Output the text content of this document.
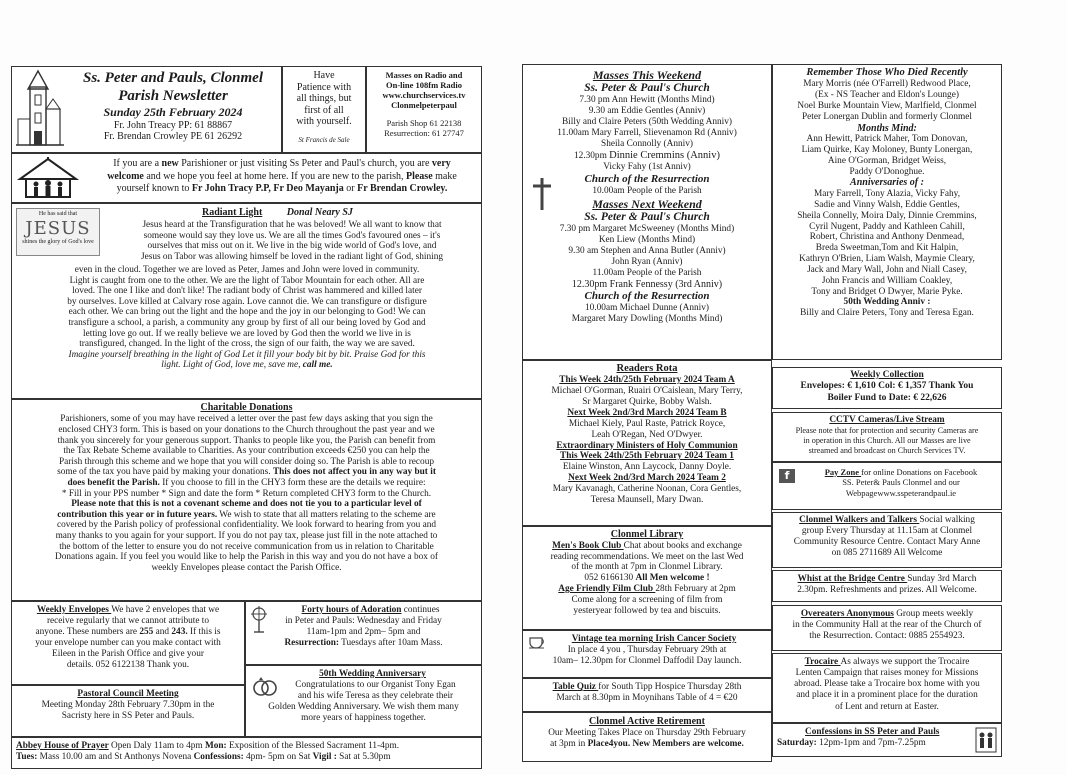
Ss. Peter and Pauls, Clonmel
Parish Newsletter
Sunday 25th February 2024
Fr. John Treacy PP: 61 88867
Fr. Brendan Crowley PE 61 26292
Have
Patience with
all things, but
first of all
with yourself.
St Francis de Sale
Masses on Radio and
On-line 108fm Radio
www.churchservices.tv
Clonmelpeterpaul
Parish Shop 61 22138
Resurrection: 61 27747
If you are a new Parishioner or just visiting Ss Peter and Paul's church, you are very
welcome and we hope you feel at home here. If you are new to the parish, Please make
yourself known to Fr John Tracy P.P, Fr Deo Mayanja or Fr Brendan Crowley.
He has said that
JESUS
shines the glory of God's love
Radiant Light Donal Neary SJ
Jesus heard at the Transfiguration that he was beloved! We all want to know that
someone would say they love us. We are all the times God's favoured ones – it's
ourselves that miss out on it. We live in the big wide world of God's love, and
Jesus on Tabor was allowing himself be loved in the radiant light of God, shining
even in the cloud. Together we are loved as Peter, James and John were loved in community.
Light is caught from one to the other. We are the light of Tabor Mountain for each other. All are
loved. The one I like and don't like! The radiant body of Christ was hammered and killed later
by ourselves. Love killed at Calvary rose again. Love cannot die. We can transfigure or disfigure
each other. We can bring out the light and the hope and the joy in our belonging to God! We can
transfigure a school, a parish, a community any group by first of all our being loved by God and
letting love go out. If we really believe we are loved by God then the world we live in is
transfigured, changed. In the light of the cross, the sign of our faith, the way we are saved.
Imagine yourself breathing in the light of God Let it fill your body bit by bit. Praise God for this
light. Light of God, love me, save me, call me.
Charitable Donations
Parishioners, some of you may have received a letter over the past few days asking that you sign the
enclosed CHY3 form. This is based on your donations to the Church throughout the past year and we
thank you sincerely for your generous support. Thanks to people like you, the Parish can benefit from
the Tax Rebate Scheme available to Charities. As your contribution exceeds €250 you can help the
Parish through this scheme and we hope that you will consider doing so. The Parish is able to recoup
some of the tax you have paid by making your donations. This does not affect you in any way but it
does benefit the Parish. If you choose to fill in the CHY3 form these are the details we require:
* Fill in your PPS number * Sign and date the form * Return completed CHY3 form to the Church.
Please note that this is not a covenant scheme and does not tie you to a particular level of
contribution this year or in future years. We wish to state that all matters relating to the scheme are
covered by the Parish policy of professional confidentiality. We look forward to hearing from you and
many thanks to you again for your support. If you do not pay tax, please just fill in the note attached to
the bottom of the letter to ensure you do not receive communication from us in relation to Charitable
Donations again. If you feel you would like to help the Parish in this way and you do not have a box of
weekly Envelopes please contact the Parish Office.
Weekly Envelopes We have 2 envelopes that we
receive regularly that we cannot attribute to
anyone. These numbers are 255 and 243. If this is
your envelope number can you make contact with
Eileen in the Parish Office and give your
details. 052 6122138 Thank you.
Forty hours of Adoration continues
in Peter and Pauls: Wednesday and Friday
11am-1pm and 2pm– 5pm and
Resurrection: Tuesdays after 10am Mass.
Pastoral Council Meeting
Meeting Monday 28th February 7.30pm in the
Sacristy here in SS Peter and Pauls.
50th Wedding Anniversary
Congratulations to our Organist Tony Egan
and his wife Teresa as they celebrate their
Golden Wedding Anniversary. We wish them many
more years of happiness together.
Abbey House of Prayer Open Daly 11am to 4pm Mon: Exposition of the Blessed Sacrament 11-4pm.
Tues: Mass 10.00 am and St Anthonys Novena Confessions: 4pm- 5pm on Sat Vigil : Sat at 5.30pm
Masses This Weekend
Ss. Peter & Paul's Church
7.30 pm Ann Hewitt (Months Mind)
9.30 am Eddie Gentles (Anniv)
Billy and Claire Peters (50th Wedding Anniv)
11.00am Mary Farrell, Slievenamon Rd (Anniv)
Sheila Connolly (Anniv)
12.30pm Dinnie Cremmins (Anniv)
Vicky Fahy (1st Anniv)
Church of the Resurrection
10.00am People of the Parish
Masses Next Weekend
Ss. Peter & Paul's Church
7.30 pm Margaret McSweeney (Months Mind)
Ken Liew (Months Mind)
9.30 am Stephen and Anna Butler (Anniv)
John Ryan (Anniv)
11.00am People of the Parish
12.30pm Frank Fennessy (3rd Anniv)
Church of the Resurrection
10.00am Michael Dunne (Anniv)
Margaret Mary Dowling (Months Mind)
Remember Those Who Died Recently
Mary Morris (née O'Farrell) Redwood Place,
(Ex - NS Teacher and Eldon's Lounge)
Noel Burke Mountain View, Marlfield, Clonmel
Peter Lonergan Dublin and formerly Clonmel
Months Mind:
Ann Hewitt, Patrick Maher, Tom Donovan,
Liam Quirke, Kay Moloney, Bunty Lonergan,
Aine O'Gorman, Bridget Weiss,
Paddy O'Donoghue.
Anniversaries of :
Mary Farrell, Tony Alazia, Vicky Fahy,
Sadie and Vinny Walsh, Eddie Gentles,
Sheila Connelly, Moira Daly, Dinnie Cremmins,
Cyril Nugent, Paddy and Kathleen Cahill,
Robert, Christina and Anthony Denmead,
Breda Sweetman,Tom and Kit Halpin,
Kathryn O'Brien, Liam Walsh, Maymie Cleary,
Jack and Mary Wall, John and Niall Casey,
John Francis and William Coakley,
Tony and Bridget O Dwyer, Marie Pyke.
50th Wedding Anniv :
Billy and Claire Peters, Tony and Teresa Egan.
Readers Rota
This Week 24th/25th February 2024 Team A
Michael O'Gorman, Ruairi O'Caislean, Mary Terry,
Sr Margaret Quirke, Bobby Walsh.
Next Week 2nd/3rd March 2024 Team B
Michael Kiely, Paul Raste, Patrick Royce,
Leah O'Regan, Ned O'Dwyer.
Extraordinary Ministers of Holy Communion
This Week 24th/25th February 2024 Team 1
Elaine Winston, Ann Laycock, Danny Doyle.
Next Week 2nd/3rd March 2024 Team 2
Mary Kavanagh, Catherine Noonan, Cora Gentles,
Teresa Maunsell, Mary Dwan.
Weekly Collection
Envelopes: € 1,610 Col: € 1,357 Thank You
Boiler Fund to Date: € 22,626
CCTV Cameras/Live Stream
Please note that for protection and security Cameras are
in operation in this Church. All our Masses are live
streamed and broadcast on Church Services TV.
f	Pay Zone for online Donations on Facebook
SS. Peter& Pauls Clonmel and our
Webpagewww.sspeterandpaul.ie
Clonmel Library
Men's Book Club Chat about books and exchange
reading recommendations. We meet on the last Wed
of the month at 7pm in Clonmel Library.
052 6166130 All Men welcome !
Age Friendly Film Club 28th February at 2pm
Come along for a screening of film from
yesteryear followed by tea and biscuits.
Clonmel Walkers and Talkers Social walking
group Every Thursday at 11.15am at Clonmel
Community Resource Centre. Contact Mary Anne
on 085 2711689 All Welcome
Whist at the Bridge Centre Sunday 3rd March
2.30pm. Refreshments and prizes. All Welcome.
Vintage tea morning Irish Cancer Society
In place 4 you , Thursday February 29th at
10am– 12.30pm for Clonmel Daffodil Day launch.
Overeaters Anonymous Group meets weekly
in the Community Hall at the rear of the Church of
the Resurrection. Contact: 0885 2554923.
Table Quiz for South Tipp Hospice Thursday 28th
March at 8.30pm in Moynihans Table of 4 = €20
Trocaire As always we support the Trocaire
Lenten Campaign that raises money for Missions
abroad. Please take a Trocaire box home with you
and place it in a prominent place for the duration
of Lent and return at Easter.
Clonmel Active Retirement
Our Meeting Takes Place on Thursday 29th February
at 3pm in Place4you. New Members are welcome.
Confessions in SS Peter and Pauls
Saturday: 12pm-1pm and 7pm-7.25pm
